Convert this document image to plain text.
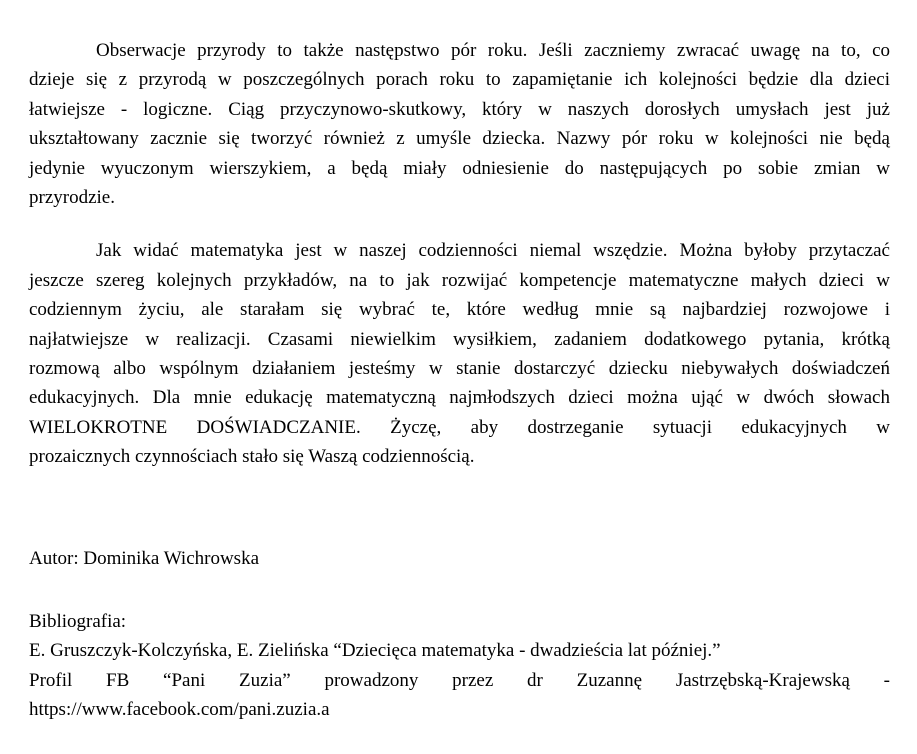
Obserwacje przyrody to także następstwo pór roku. Jeśli zaczniemy zwracać uwagę na to, co
dzieje się z przyrodą w poszczególnych porach roku to zapamiętanie ich kolejności będzie dla dzieci
łatwiejsze - logiczne. Ciąg przyczynowo-skutkowy, który w naszych dorosłych umysłach jest już
ukształtowany zacznie się tworzyć również z umyśle dziecka. Nazwy pór roku w kolejności nie będą
jedynie wyuczonym wierszykiem, a będą miały odniesienie do następujących po sobie zmian w
przyrodzie.
Jak widać matematyka jest w naszej codzienności niemal wszędzie. Można byłoby przytaczać
jeszcze szereg kolejnych przykładów, na to jak rozwijać kompetencje matematyczne małych dzieci w
codziennym życiu, ale starałam się wybrać te, które według mnie są najbardziej rozwojowe i
najłatwiejsze w realizacji. Czasami niewielkim wysiłkiem, zadaniem dodatkowego pytania, krótką
rozmową albo wspólnym działaniem jesteśmy w stanie dostarczyć dziecku niebywałych doświadczeń
edukacyjnych. Dla mnie edukację matematyczną najmłodszych dzieci można ująć w dwóch słowach
WIELOKROTNE DOŚWIADCZANIE. Życzę, aby dostrzeganie sytuacji edukacyjnych w
prozaicznych czynnościach stało się Waszą codziennością.
Autor: Dominika Wichrowska
Bibliografia:
E. Gruszczyk-Kolczyńska, E. Zielińska “Dziecięca matematyka - dwadzieścia lat później.”
Profil FB “Pani Zuzia” prowadzony przez dr Zuzannę Jastrzębską-Krajewską -
https://www.facebook.com/pani.zuzia.a
